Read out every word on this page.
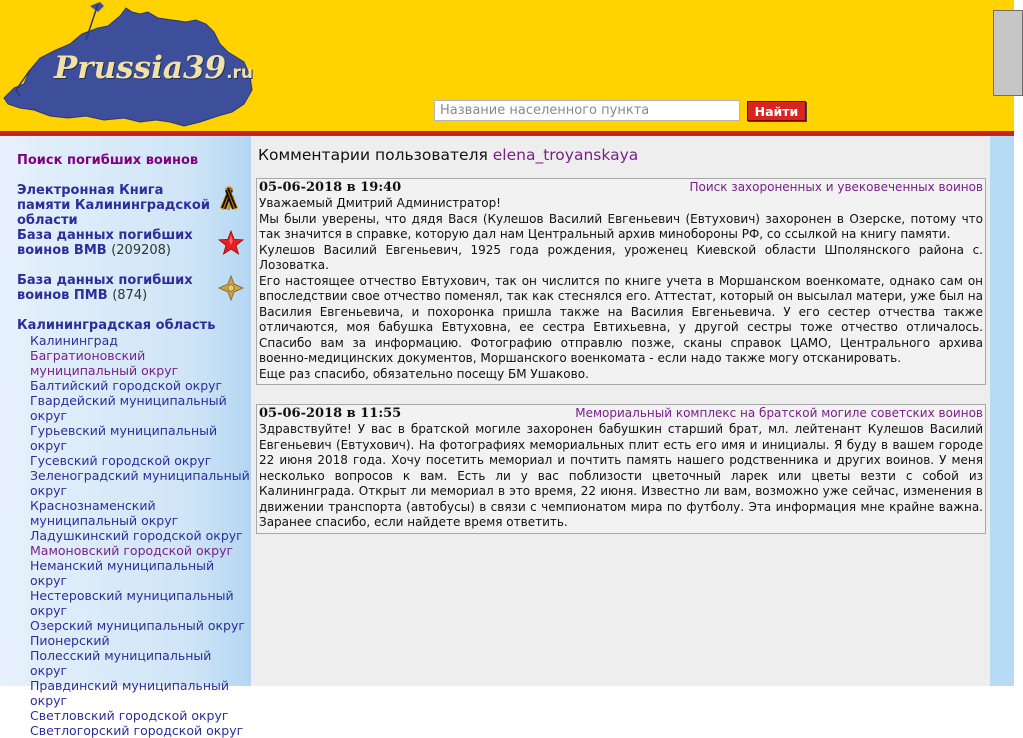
Prussia39.ru
Название населенного пункта
Найти
Поиск погибших воинов
Электронная Книга памяти Калининградской области
База данных погибших воинов ВМВ (209208)
База данных погибших воинов ПМВ (874)
Калининградская область
Калининград
Багратионовский муниципальный округ
Балтийский городской округ
Гвардейский муниципальный округ
Гурьевский муниципальный округ
Гусевский городской округ
Зеленоградский муниципальный округ
Краснознаменский муниципальный округ
Ладушкинский городской округ
Мамоновский городской округ
Неманский муниципальный округ
Нестеровский муниципальный округ
Озерский муниципальный округ
Пионерский
Полесский муниципальный округ
Правдинский муниципальный округ
Светловский городской округ
Светлогорский городской округ
Комментарии пользователя elena_troyanskaya
05-06-2018 в 19:40	Поиск захороненных и увековеченных воинов

Уважаемый Дмитрий Администратор!

Мы были уверены, что дядя Вася (Кулешов Василий Евгеньевич (Евтухович) захоронен в Озерске, потому что так значится в справке, которую дал нам Центральный архив минобороны РФ, со ссылкой на книгу памяти.

Кулешов Василий Евгеньевич, 1925 года рождения, уроженец Киевской области Шполянского района с. Лозоватка.

Его настоящее отчество Евтухович, так он числится по книге учета в Моршанском военкомате, однако сам он впоследствии свое отчество поменял, так как стеснялся его. Аттестат, который он высылал матери, уже был на Василия Евгеньевича, и похоронка пришла также на Василия Евгеньевича. У его сестер отчества также отличаются, моя бабушка Евтуховна, ее сестра Евтихьевна, у другой сестры тоже отчество отличалось. Спасибо вам за информацию. Фотографию отправлю позже, сканы справок ЦАМО, Центрального архива военно-медицинских документов, Моршанского военкомата - если надо также могу отсканировать.

Еще раз спасибо, обязательно посещу БМ Ушаково.

05-06-2018 в 11:55	Мемориальный комплекс на братской могиле советских воинов

Здравствуйте! У вас в братской могиле захоронен бабушкин старший брат, мл. лейтенант Кулешов Василий Евгеньевич (Евтухович). На фотографиях мемориальных плит есть его имя и инициалы. Я буду в вашем городе 22 июня 2018 года. Хочу посетить мемориал и почтить память нашего родственника и других воинов. У меня несколько вопросов к вам. Есть ли у вас поблизости цветочный ларек или цветы везти с собой из Калининграда. Открыт ли мемориал в это время, 22 июня. Известно ли вам, возможно уже сейчас, изменения в движении транспорта (автобусы) в связи с чемпионатом мира по футболу. Эта информация мне крайне важна. Заранее спасибо, если найдете время ответить.
